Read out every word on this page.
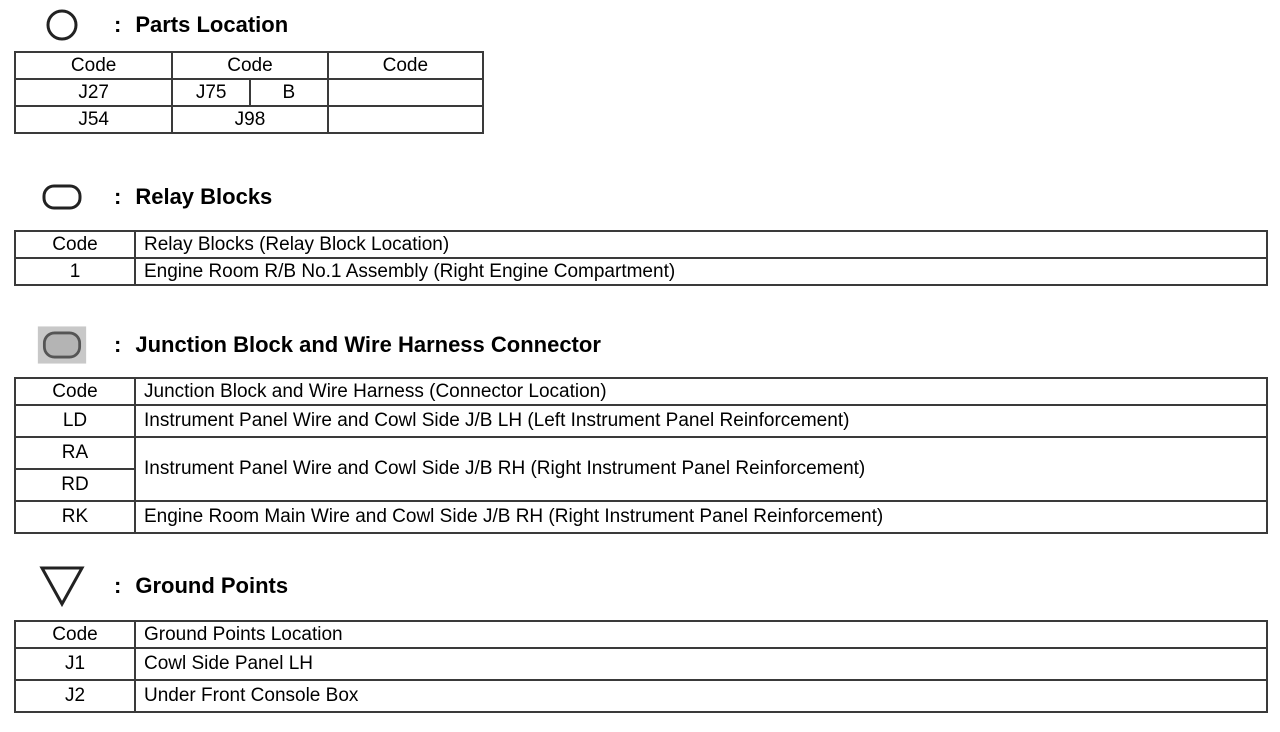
: Parts Location
Code	Code		Code
J27	J75	B	
J54	J98		
: Relay Blocks
Code	Relay Blocks (Relay Block Location)
1	Engine Room R/B No.1 Assembly (Right Engine Compartment)
: Junction Block and Wire Harness Connector
Code	Junction Block and Wire Harness (Connector Location)
LD	Instrument Panel Wire and Cowl Side J/B LH (Left Instrument Panel Reinforcement)
RA	Instrument Panel Wire and Cowl Side J/B RH (Right Instrument Panel Reinforcement)
RD	
RK	Engine Room Main Wire and Cowl Side J/B RH (Right Instrument Panel Reinforcement)
: Ground Points
Code	Ground Points Location
J1	Cowl Side Panel LH
J2	Under Front Console Box
